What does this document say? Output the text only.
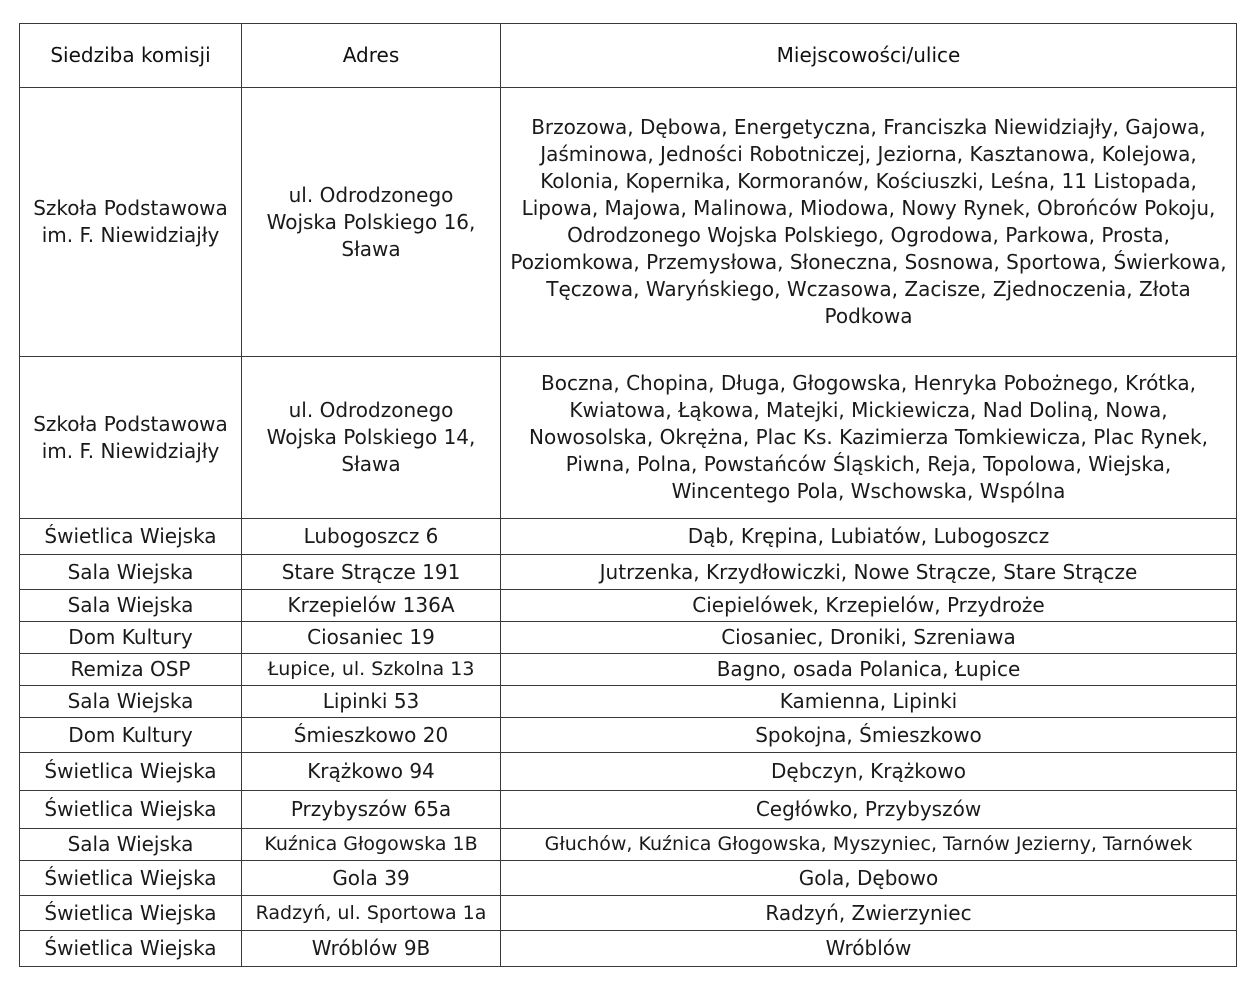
Siedziba komisji	Adres	Miejscowości/ulice
Szkoła Podstawowa im. F. Niewidziajły	ul. Odrodzonego Wojska Polskiego 16, Sława	Brzozowa, Dębowa, Energetyczna, Franciszka Niewidziajły, Gajowa, Jaśminowa, Jedności Robotniczej, Jeziorna, Kasztanowa, Kolejowa, Kolonia, Kopernika, Kormoranów, Kościuszki, Leśna, 11 Listopada, Lipowa, Majowa, Malinowa, Miodowa, Nowy Rynek, Obrońców Pokoju, Odrodzonego Wojska Polskiego, Ogrodowa, Parkowa, Prosta, Poziomkowa, Przemysłowa, Słoneczna, Sosnowa, Sportowa, Świerkowa, Tęczowa, Waryńskiego, Wczasowa, Zacisze, Zjednoczenia, Złota Podkowa
Szkoła Podstawowa im. F. Niewidziajły	ul. Odrodzonego Wojska Polskiego 14, Sława	Boczna, Chopina, Długa, Głogowska, Henryka Pobożnego, Krótka, Kwiatowa, Łąkowa, Matejki, Mickiewicza, Nad Doliną, Nowa, Nowosolska, Okrężna, Plac Ks. Kazimierza Tomkiewicza, Plac Rynek, Piwna, Polna, Powstańców Śląskich, Reja, Topolowa, Wiejska, Wincentego Pola, Wschowska, Wspólna
Świetlica Wiejska	Lubogoszcz 6	Dąb, Krępina, Lubiatów, Lubogoszcz
Sala Wiejska	Stare Strącze 191	Jutrzenka, Krzydłowiczki, Nowe Strącze, Stare Strącze
Sala Wiejska	Krzepielów 136A	Ciepielówek, Krzepielów, Przydroże
Dom Kultury	Ciosaniec 19	Ciosaniec, Droniki, Szreniawa
Remiza OSP	Łupice, ul. Szkolna 13	Bagno, osada Polanica, Łupice
Sala Wiejska	Lipinki 53	Kamienna, Lipinki
Dom Kultury	Śmieszkowo 20	Spokojna, Śmieszkowo
Świetlica Wiejska	Krążkowo 94	Dębczyn, Krążkowo
Świetlica Wiejska	Przybyszów 65a	Cegłówko, Przybyszów
Sala Wiejska	Kuźnica Głogowska 1B	Głuchów, Kuźnica Głogowska, Myszyniec, Tarnów Jezierny, Tarnówek
Świetlica Wiejska	Gola 39	Gola, Dębowo
Świetlica Wiejska	Radzyń, ul. Sportowa 1a	Radzyń, Zwierzyniec
Świetlica Wiejska	Wróblów 9B	Wróblów
